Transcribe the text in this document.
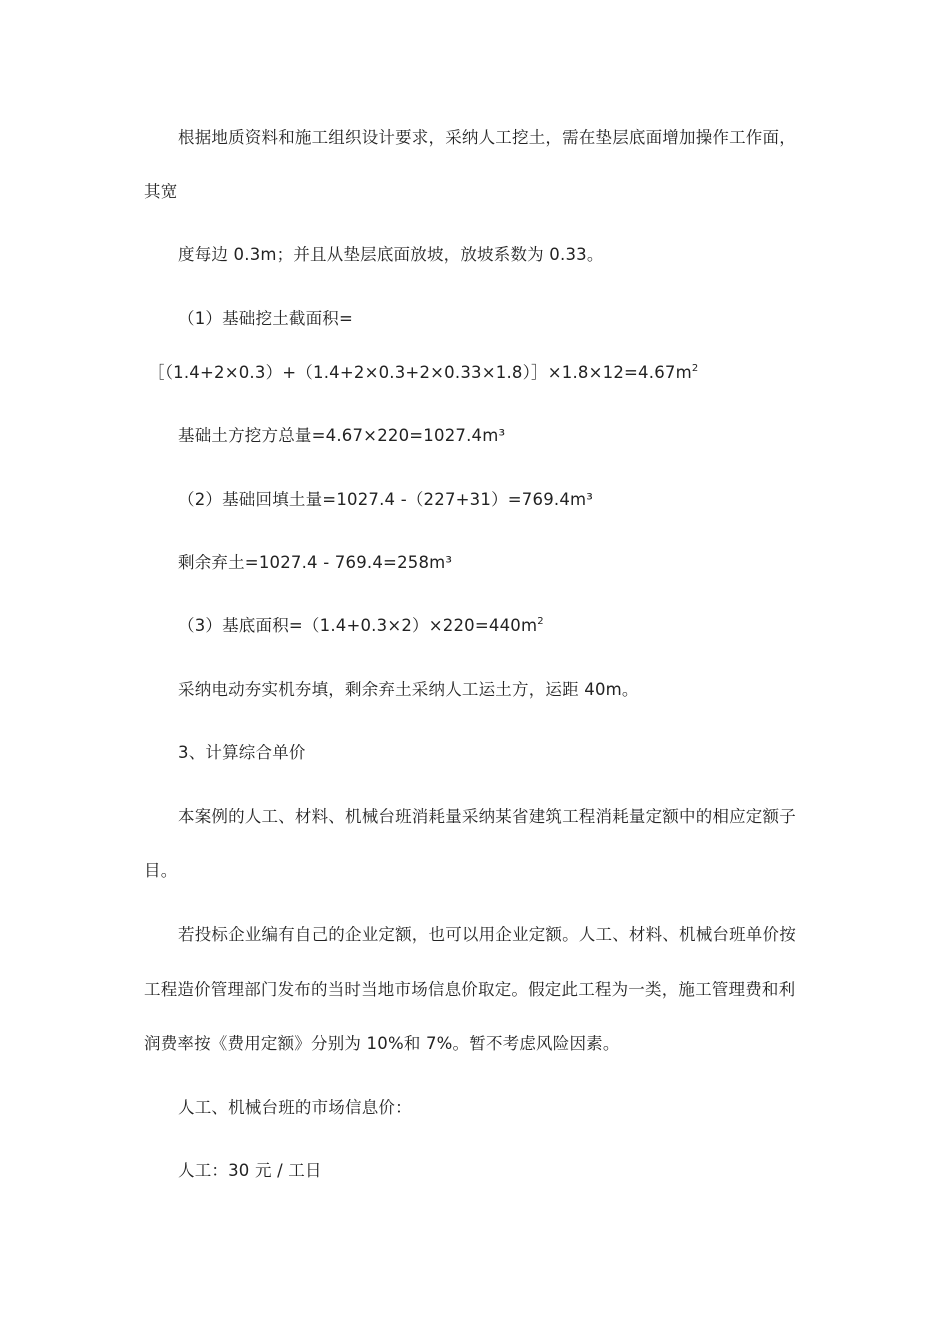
根据地质资料和施工组织设计要求，采纳人工挖土，需在垫层底面增加操作工作面，
其宽
度每边 0.3m；并且从垫层底面放坡，放坡系数为 0.33。
（1）基础挖土截面积=
$[(1.4+2\times 0.3)+(1.4+2\times 0.3+2\times 0.33\times 1.8)]\times 1.8\times 12=4.67m^2$
基础土方挖方总量=4.67×220=1027.4m³
（2）基础回填土量=1027.4 -（227+31）=769.4m³
剩余弃土=1027.4 - 769.4=258m³
（3）基底面积$=(1.4+0.3\times 2)\times 220=440m^2$
采纳电动夯实机夯填，剩余弃土采纳人工运土方，运距 40m。
3、计算综合单价
本案例的人工、材料、机械台班消耗量采纳某省建筑工程消耗量定额中的相应定额子
目。
若投标企业编有自己的企业定额，也可以用企业定额。人工、材料、机械台班单价按
工程造价管理部门发布的当时当地市场信息价取定。假定此工程为一类，施工管理费和利
润费率按《费用定额》分别为 10%和 7%。暂不考虑风险因素。
人工、机械台班的市场信息价：
人工：30 元 / 工日
